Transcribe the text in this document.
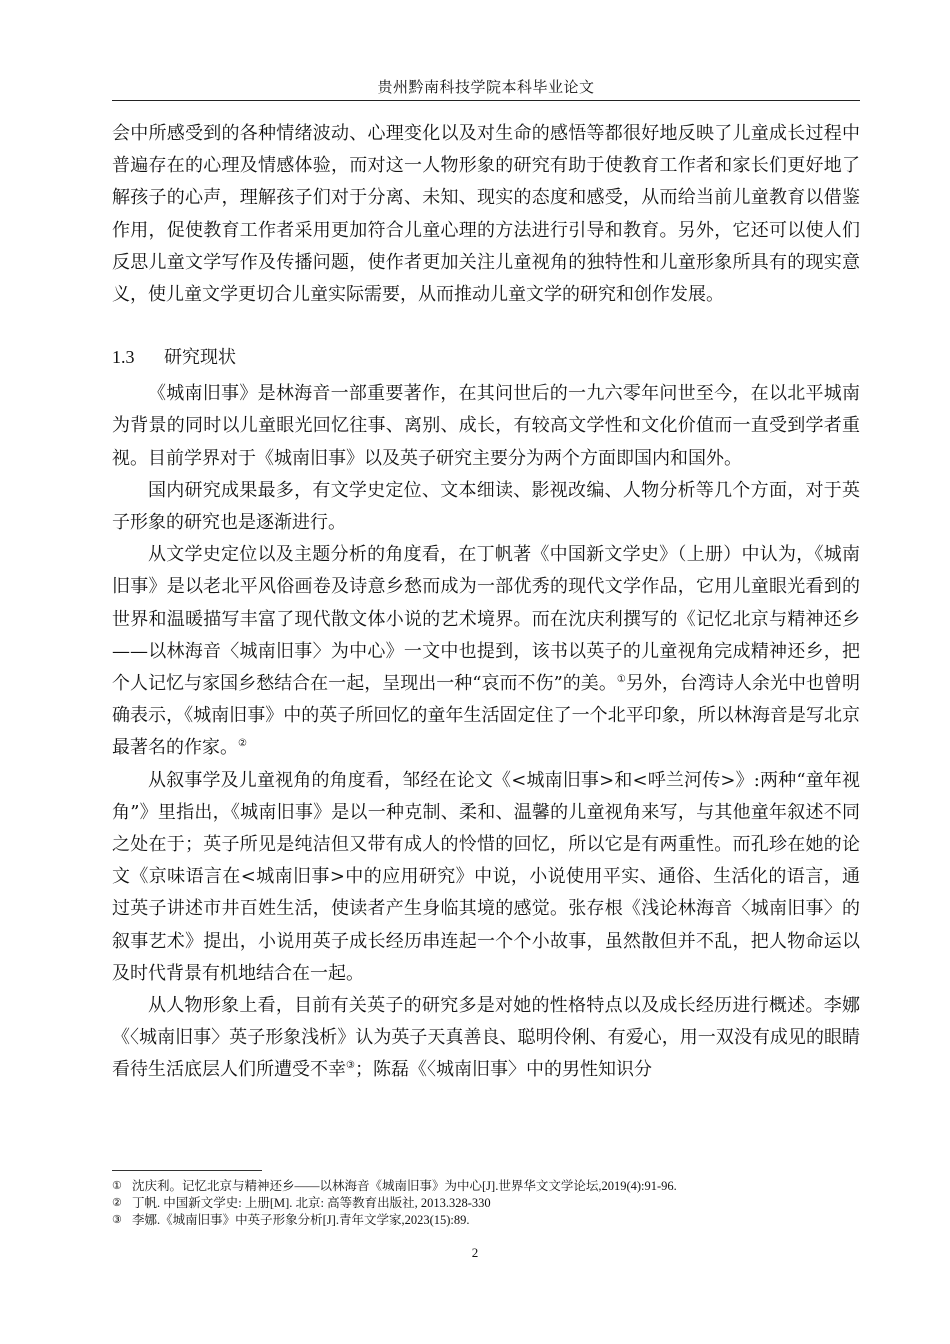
贵州黔南科技学院本科毕业论文

会中所感受到的各种情绪波动、心理变化以及对生命的感悟等都很好地反映了儿童成长过程中普遍存在的心理及情感体验，而对这一人物形象的研究有助于使教育工作者和家长们更好地了解孩子的心声，理解孩子们对于分离、未知、现实的态度和感受，从而给当前儿童教育以借鉴作用，促使教育工作者采用更加符合儿童心理的方法进行引导和教育。另外，它还可以使人们反思儿童文学写作及传播问题，使作者更加关注儿童视角的独特性和儿童形象所具有的现实意义，使儿童文学更切合儿童实际需要，从而推动儿童文学的研究和创作发展。

1.3 研究现状

《城南旧事》是林海音一部重要著作，在其问世后的一九六零年问世至今，在以北平城南为背景的同时以儿童眼光回忆往事、离别、成长，有较高文学性和文化价值而一直受到学者重视。目前学界对于《城南旧事》以及英子研究主要分为两个方面即国内和国外。

国内研究成果最多，有文学史定位、文本细读、影视改编、人物分析等几个方面，对于英子形象的研究也是逐渐进行。

从文学史定位以及主题分析的角度看，在丁帆著《中国新文学史》（上册）中认为，《城南旧事》是以老北平风俗画卷及诗意乡愁而成为一部优秀的现代文学作品，它用儿童眼光看到的世界和温暖描写丰富了现代散文体小说的艺术境界。而在沈庆利撰写的《记忆北京与精神还乡——以林海音〈城南旧事〉为中心》一文中也提到，该书以英子的儿童视角完成精神还乡，把个人记忆与家国乡愁结合在一起，呈现出一种“哀而不伤”的美。①另外，台湾诗人余光中也曾明确表示，《城南旧事》中的英子所回忆的童年生活固定住了一个北平印象，所以林海音是写北京最著名的作家。②

从叙事学及儿童视角的角度看，邹经在论文《<城南旧事>和<呼兰河传>》:两种“童年视角”》里指出，《城南旧事》是以一种克制、柔和、温馨的儿童视角来写，与其他童年叙述不同之处在于；英子所见是纯洁但又带有成人的怜惜的回忆，所以它是有两重性。而孔珍在她的论文《京味语言在<城南旧事>中的应用研究》中说，小说使用平实、通俗、生活化的语言，通过英子讲述市井百姓生活，使读者产生身临其境的感觉。张存根《浅论林海音〈城南旧事〉的叙事艺术》提出，小说用英子成长经历串连起一个个小故事，虽然散但并不乱，把人物命运以及时代背景有机地结合在一起。

从人物形象上看，目前有关英子的研究多是对她的性格特点以及成长经历进行概述。李娜《〈城南旧事〉英子形象浅析》认为英子天真善良、聪明伶俐、有爱心，用一双没有成见的眼睛看待生活底层人们所遭受不幸③；陈磊《〈城南旧事〉中的男性知识分

① 沈庆利。记忆北京与精神还乡——以林海音《城南旧事》为中心[J].世界华文文学论坛,2019(4):91-96.
② 丁帆. 中国新文学史: 上册[M]. 北京: 高等教育出版社, 2013.328-330
③ 李娜.《城南旧事》中英子形象分析[J].青年文学家,2023(15):89.
2
